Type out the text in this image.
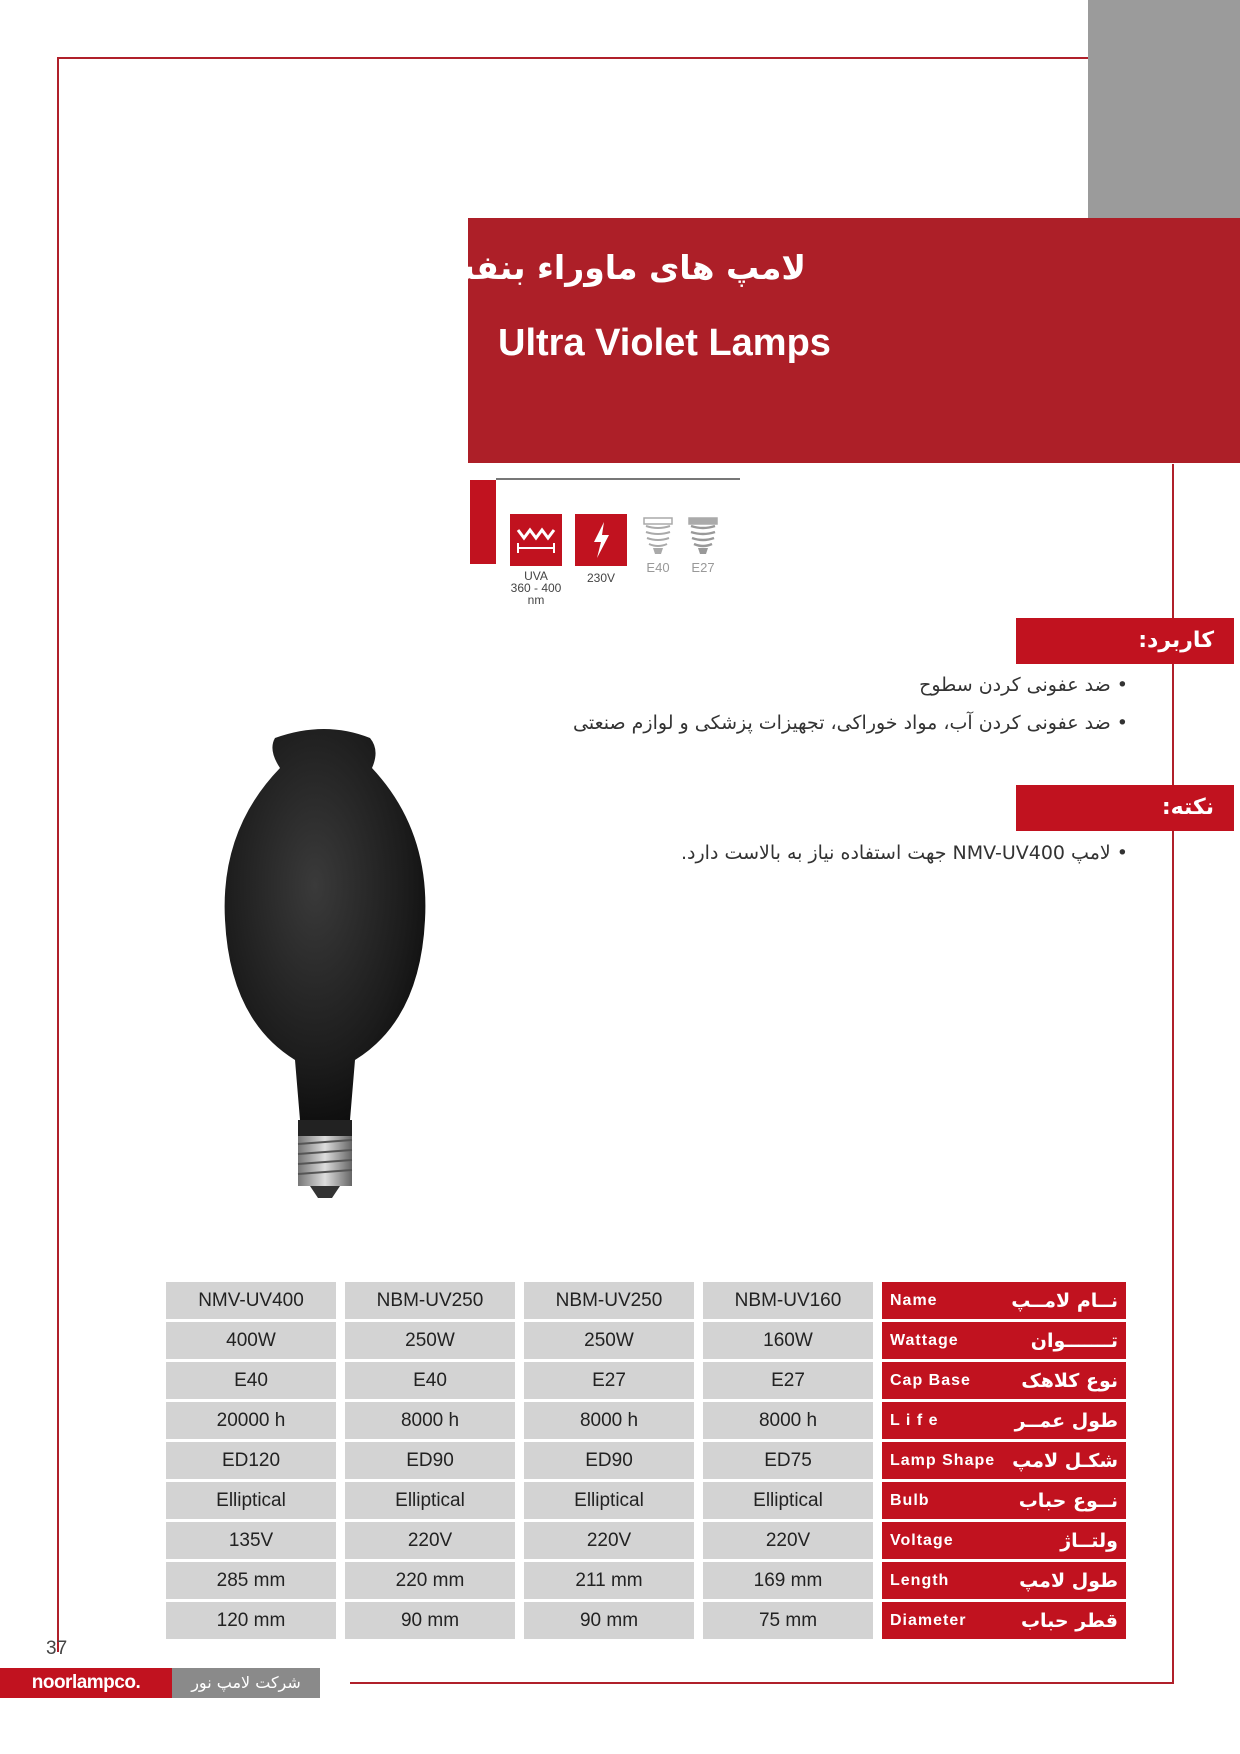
لامپ های ماوراء بنفش
Ultra Violet Lamps
UVA
360 - 400
nm
230V
E40	E27
کاربرد:
• ضد عفونی کردن سطوح
• ضد عفونی کردن آب، مواد خوراکی، تجهیزات پزشکی و لوازم صنعتی
نکته:
• لامپ NMV-UV400 جهت استفاده نیاز به بالاست دارد.
NMV-UV400	NBM-UV250	NBM-UV250	NBM-UV160	Name	نــام لامــپ
400W	250W	250W	160W	Wattage	تـــــــوان
E40	E40	E27	E27	Cap Base	نوع کلاهک
20000 h	8000 h	8000 h	8000 h	L i f e	طول عمــر
ED120	ED90	ED90	ED75	Lamp Shape شکـل لامپ
Elliptical	Elliptical	Elliptical	Elliptical	Bulb	نــوع حباب
135V	220V	220V	220V	Voltage	ولتــاژ
285 mm	220 mm	211 mm	169 mm	Length	طول لامپ
120 mm	90 mm	90 mm	75 mm	Diameter	قطر حباب
37
noorlampco.	شرکت لامپ نور
